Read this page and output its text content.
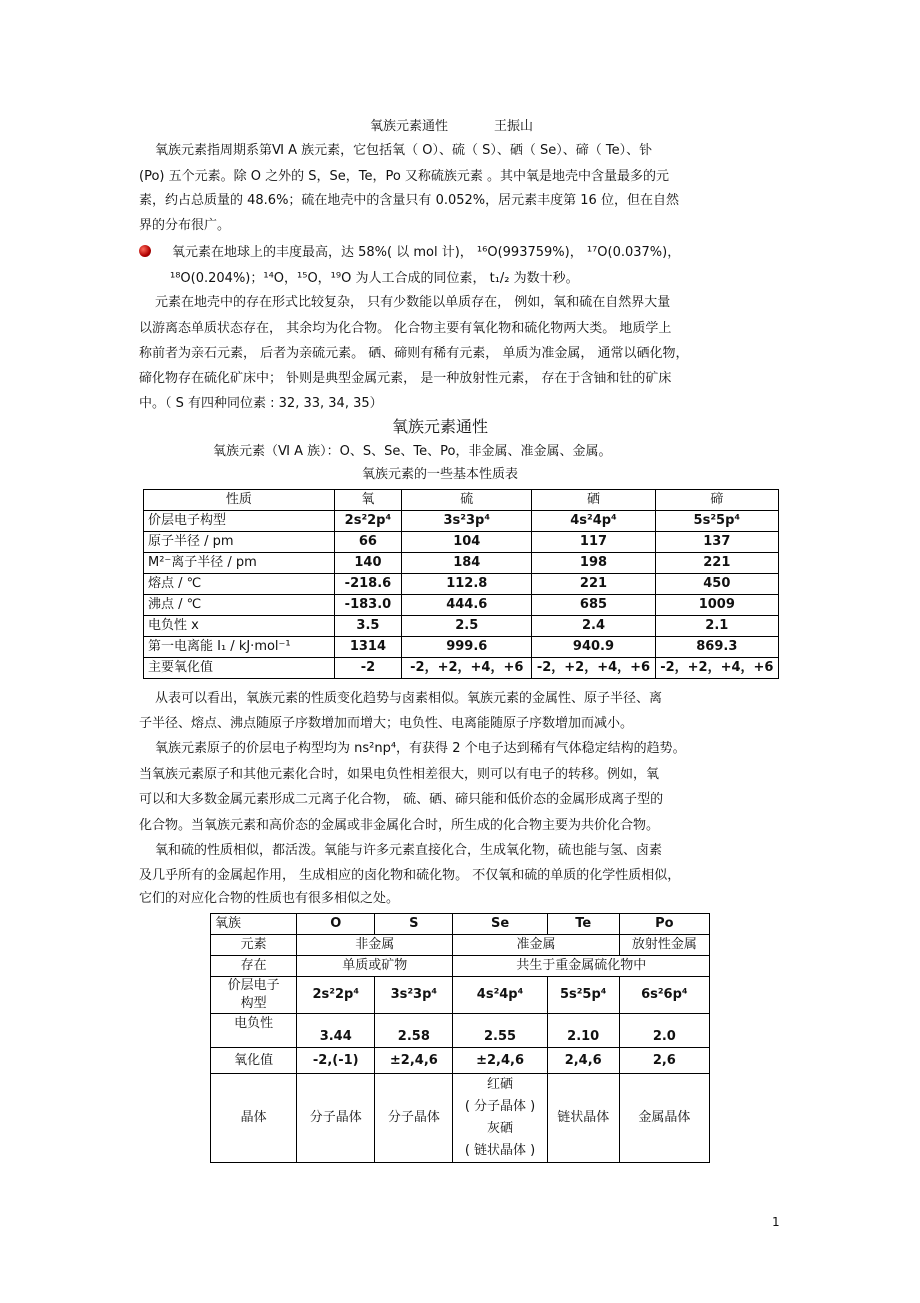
氧族元素通性	王振山
氧族元素指周期系第Ⅵ A 族元素，它包括氧（ O）、硫（ S）、硒（ Se）、碲（ Te）、钋
(Po) 五个元素。除 O 之外的 S，Se，Te，Po 又称硫族元素 。其中氧是地壳中含量最多的元
素，约占总质量的 48.6%；硫在地壳中的含量只有 0.052%，居元素丰度第 16 位，但在自然
界的分布很广。
氧元素在地球上的丰度最高，达 58%( 以 mol 计)， ¹⁶O(993759%)， ¹⁷O(0.037%)，
¹⁸O(0.204%)；¹⁴O，¹⁵O，¹⁹O 为人工合成的同位素， t₁/₂ 为数十秒。
元素在地壳中的存在形式比较复杂， 只有少数能以单质存在， 例如，氧和硫在自然界大量
以游离态单质状态存在， 其余均为化合物。 化合物主要有氧化物和硫化物两大类。 地质学上
称前者为亲石元素， 后者为亲硫元素。 硒、碲则有稀有元素， 单质为准金属， 通常以硒化物，
碲化物存在硫化矿床中； 钋则是典型金属元素， 是一种放射性元素， 存在于含铀和钍的矿床
中。（ S 有四种同位素 : 32, 33, 34, 35）
氧族元素通性
氧族元素（Ⅵ A 族）：O、S、Se、Te、Po，非金属、准金属、金属。
氧族元素的一些基本性质表
性质	氧	硫	硒	碲
价层电子构型	2s²2p⁴	3s²3p⁴	4s²4p⁴	5s²5p⁴
原子半径 / pm	66	104	117	137
M²⁻离子半径 / pm	140	184	198	221
熔点 / ℃	-218.6	112.8	221	450
沸点 / ℃	-183.0	444.6	685	1009
电负性 x	3.5	2.5	2.4	2.1
第一电离能 I₁ / kJ·mol⁻¹	1314	999.6	940.9	869.3
主要氧化值	-2	-2，+2，+4，+6	-2，+2，+4，+6	-2，+2，+4，+6
从表可以看出，氧族元素的性质变化趋势与卤素相似。氧族元素的金属性、原子半径、离
子半径、熔点、沸点随原子序数增加而增大；电负性、电离能随原子序数增加而减小。
氧族元素原子的价层电子构型均为 ns²np⁴，有获得 2 个电子达到稀有气体稳定结构的趋势。
当氧族元素原子和其他元素化合时，如果电负性相差很大，则可以有电子的转移。例如，氧
可以和大多数金属元素形成二元离子化合物， 硫、硒、碲只能和低价态的金属形成离子型的
化合物。当氧族元素和高价态的金属或非金属化合时，所生成的化合物主要为共价化合物。
氧和硫的性质相似，都活泼。氧能与许多元素直接化合，生成氧化物，硫也能与氢、卤素
及几乎所有的金属起作用， 生成相应的卤化物和硫化物。 不仅氧和硫的单质的化学性质相似，
它们的对应化合物的性质也有很多相似之处。
氧族	O	S	Se	Te	Po
元素	非金属		准金属		放射性金属
存在	单质或矿物		共生于重金属硫化物中		

价层电子
构型	2s²2p⁴	3s²3p⁴	4s²4p⁴	5s²5p⁴	6s²6p⁴
电负性	3.44	2.58	2.55	2.10	2.0
氧化值	-2,(-1)	±2,4,6	±2,4,6	2,4,6	2,6
晶体	分子晶体	分子晶体	红硒
( 分子晶体 )
灰硒
( 链状晶体 )	链状晶体	金属晶体
1
